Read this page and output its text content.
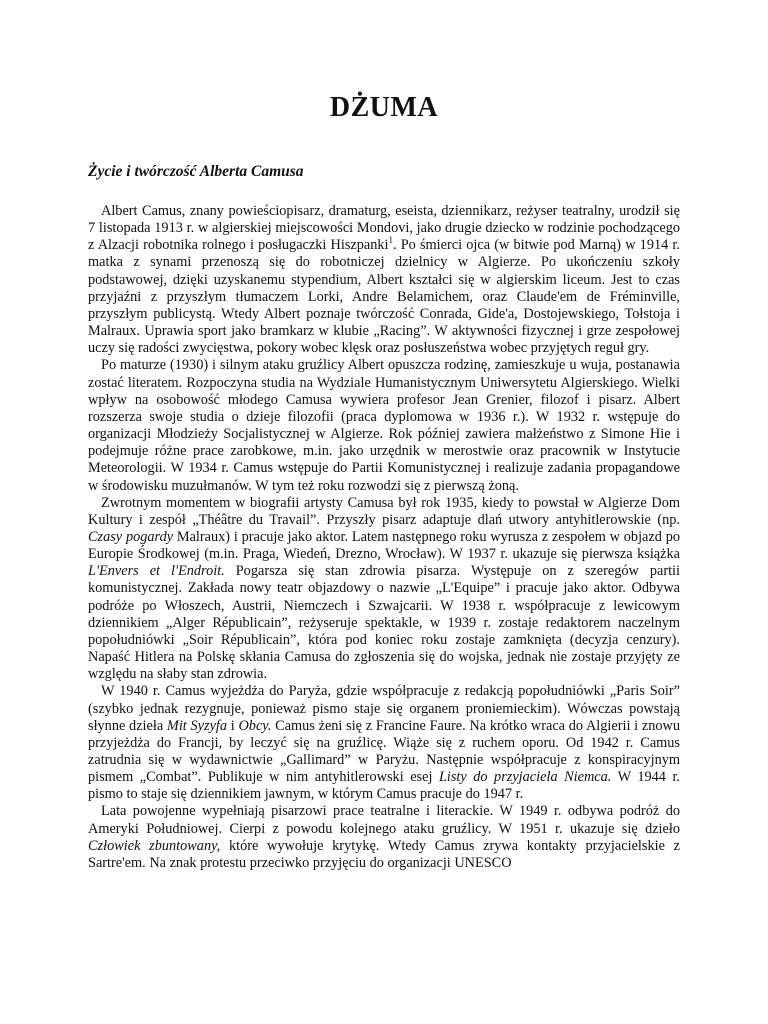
DŻUMA
Życie i twórczość Alberta Camusa

Albert Camus, znany powieściopisarz, dramaturg, eseista, dziennikarz, reżyser teatralny, urodził się 7 listopada 1913 r. w algierskiej miejscowości Mondovi, jako drugie dziecko w rodzinie pochodzącego z Alzacji robotnika rolnego i posługaczki Hiszpanki$^1$. Po śmierci ojca (w bitwie pod Marną) w 1914 r. matka z synami przenoszą się do robotniczej dzielnicy w Algierze. Po ukończeniu szkoły podstawowej, dzięki uzyskanemu stypendium, Albert kształci się w algierskim liceum. Jest to czas przyjaźni z przyszłym tłumaczem Lorki, Andre Belamichem, oraz Claude'em de Fréminville, przyszłym publicystą. Wtedy Albert poznaje twórczość Conrada, Gide'a, Dostojewskiego, Tołstoja i Malraux. Uprawia sport jako bramkarz w klubie „Racing”. W aktywności fizycznej i grze zespołowej uczy się radości zwycięstwa, pokory wobec klęsk oraz posłuszeństwa wobec przyjętych reguł gry.

Po maturze (1930) i silnym ataku gruźlicy Albert opuszcza rodzinę, zamieszkuje u wuja, postanawia zostać literatem. Rozpoczyna studia na Wydziale Humanistycznym Uniwersytetu Algierskiego. Wielki wpływ na osobowość młodego Camusa wywiera profesor Jean Grenier, filozof i pisarz. Albert rozszerza swoje studia o dzieje filozofii (praca dyplomowa w 1936 r.). W 1932 r. wstępuje do organizacji Młodzieży Socjalistycznej w Algierze. Rok później zawiera małżeństwo z Simone Hie i podejmuje różne prace zarobkowe, m.in. jako urzędnik w merostwie oraz pracownik w Instytucie Meteorologii. W 1934 r. Camus wstępuje do Partii Komunistycznej i realizuje zadania propagandowe w środowisku muzułmanów. W tym też roku rozwodzi się z pierwszą żoną.

Zwrotnym momentem w biografii artysty Camusa był rok 1935, kiedy to powstał w Algierze Dom Kultury i zespół „Théâtre du Travail”. Przyszły pisarz adaptuje dlań utwory antyhitlerowskie (np. Czasy pogardy Malraux) i pracuje jako aktor. Latem następnego roku wyrusza z zespołem w objazd po Europie Środkowej (m.in. Praga, Wiedeń, Drezno, Wrocław). W 1937 r. ukazuje się pierwsza książka L'Envers et l'Endroit. Pogarsza się stan zdrowia pisarza. Występuje on z szeregów partii komunistycznej. Zakłada nowy teatr objazdowy o nazwie „L'Equipe” i pracuje jako aktor. Odbywa podróże po Włoszech, Austrii, Niemczech i Szwajcarii. W 1938 r. współpracuje z lewicowym dziennikiem „Alger Républicain”, reżyseruje spektakle, w 1939 r. zostaje redaktorem naczelnym popołudniówki „Soir Républicain”, która pod koniec roku zostaje zamknięta (decyzja cenzury). Napaść Hitlera na Polskę skłania Camusa do zgłoszenia się do wojska, jednak nie zostaje przyjęty ze względu na słaby stan zdrowia.

W 1940 r. Camus wyjeżdża do Paryża, gdzie współpracuje z redakcją popołudniówki „Paris Soir” (szybko jednak rezygnuje, ponieważ pismo staje się organem proniemieckim). Wówczas powstają słynne dzieła Mit Syzyfa i Obcy. Camus żeni się z Francine Faure. Na krótko wraca do Algierii i znowu przyjeżdża do Francji, by leczyć się na gruźlicę. Wiąże się z ruchem oporu. Od 1942 r. Camus zatrudnia się w wydawnictwie „Gallimard” w Paryżu. Następnie współpracuje z konspiracyjnym pismem „Combat”. Publikuje w nim antyhitlerowski esej Listy do przyjaciela Niemca. W 1944 r. pismo to staje się dziennikiem jawnym, w którym Camus pracuje do 1947 r.

Lata powojenne wypełniają pisarzowi prace teatralne i literackie. W 1949 r. odbywa podróż do Ameryki Południowej. Cierpi z powodu kolejnego ataku gruźlicy. W 1951 r. ukazuje się dzieło Człowiek zbuntowany, które wywołuje krytykę. Wtedy Camus zrywa kontakty przyjacielskie z Sartre'em. Na znak protestu przeciwko przyjęciu do organizacji UNESCO
